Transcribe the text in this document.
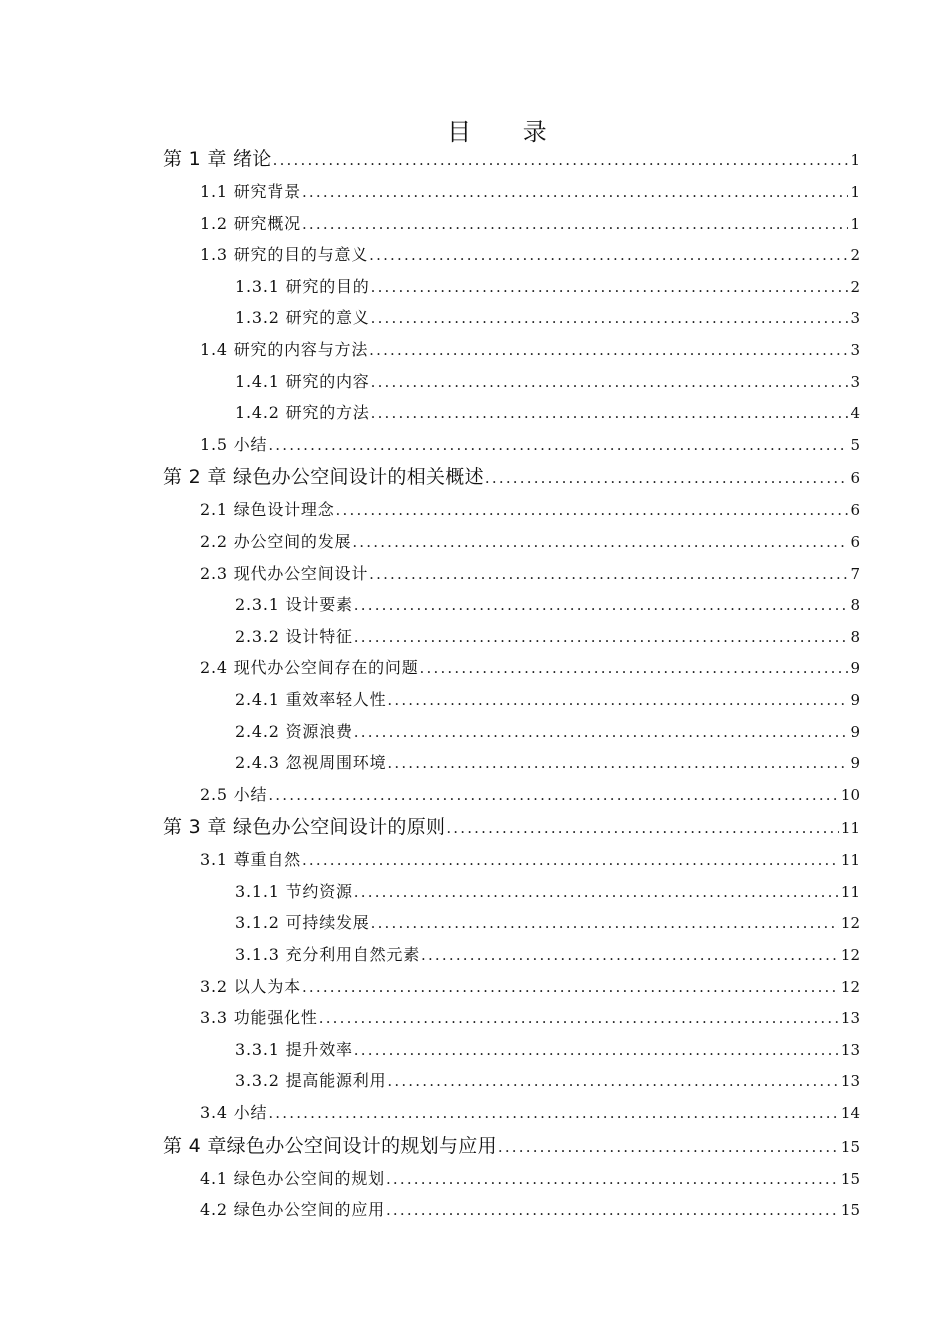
目 录
第 1 章 绪论 .....	1
1.1 研究背景 .....	1
1.2 研究概况 .....	1
1.3 研究的目的与意义 .....	2
1.3.1 研究的目的 .....	2
1.3.2 研究的意义 .....	3
1.4 研究的内容与方法 .....	3
1.4.1 研究的内容 .....	3
1.4.2 研究的方法 .....	4
1.5 小结 .....	5
第 2 章 绿色办公空间设计的相关概述 .....	6
2.1 绿色设计理念 .....	6
2.2 办公空间的发展 .....	6
2.3 现代办公空间设计 .....	7
2.3.1 设计要素 .....	8
2.3.2 设计特征 .....	8
2.4 现代办公空间存在的问题 .....	9
2.4.1 重效率轻人性 .....	9
2.4.2 资源浪费 .....	9
2.4.3 忽视周围环境 .....	9
2.5 小结 .....	10
第 3 章 绿色办公空间设计的原则 .....	11
3.1 尊重自然 .....	11
3.1.1 节约资源 .....	11
3.1.2 可持续发展 .....	12
3.1.3 充分利用自然元素 .....	12
3.2 以人为本 .....	12
3.3 功能强化性 .....	13
3.3.1 提升效率 .....	13
3.3.2 提高能源利用 .....	13
3.4 小结 .....	14
第 4 章绿色办公空间设计的规划与应用 .....	15
4.1 绿色办公空间的规划 .....	15
4.2 绿色办公空间的应用 .....	15
